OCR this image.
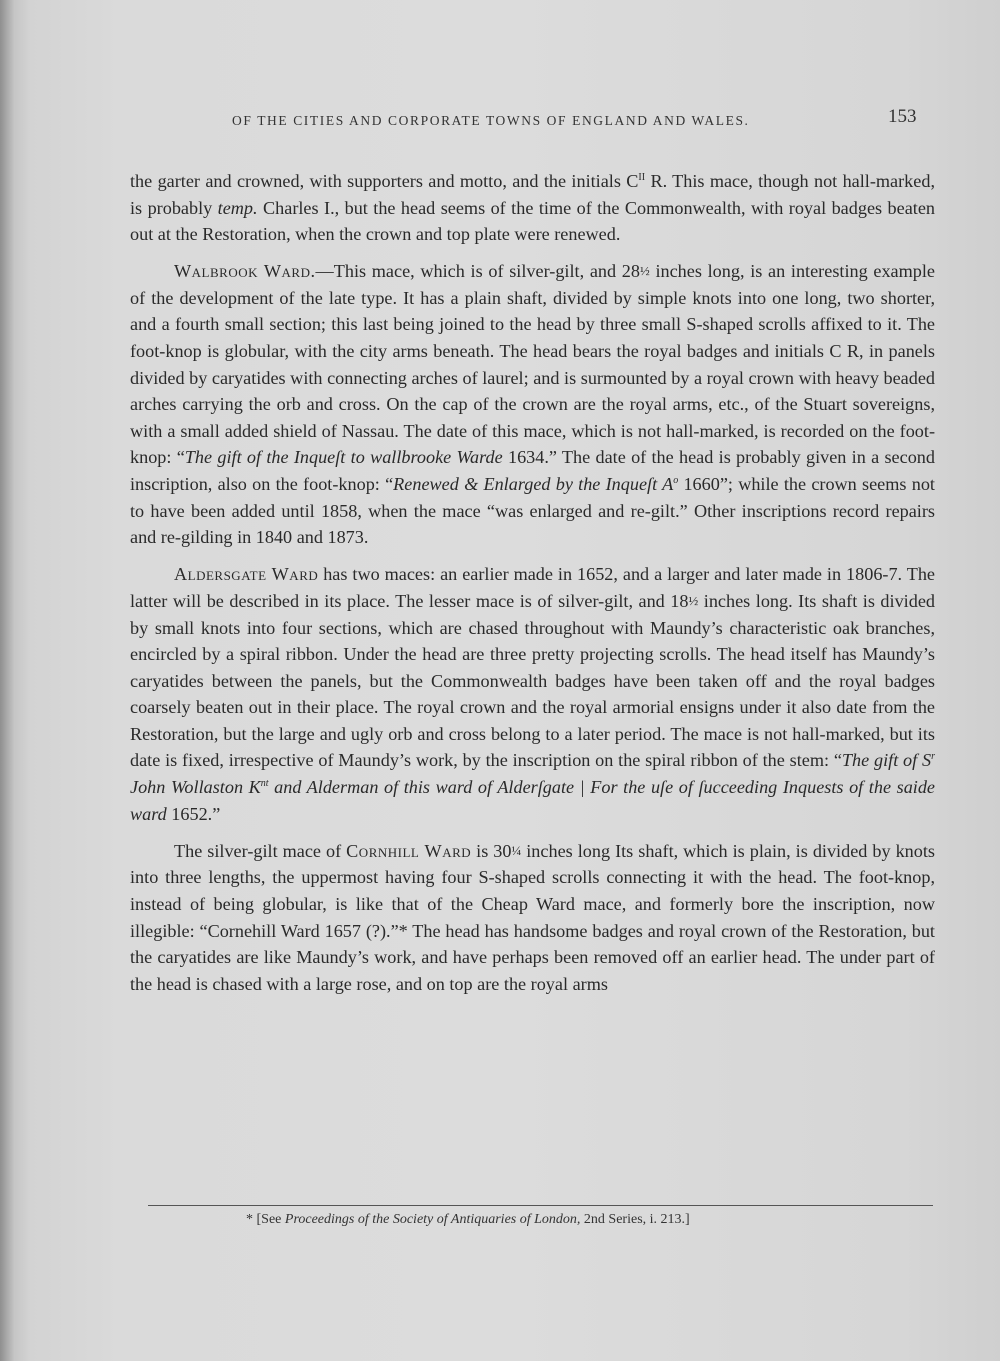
OF THE CITIES AND CORPORATE TOWNS OF ENGLAND AND WALES.	153

the garter and crowned, with supporters and motto, and the initials $C^{II}$ R. This mace, though not hall-marked, is probably temp. Charles I., but the head seems of the time of the Commonwealth, with royal badges beaten out at the Restoration, when the crown and top plate were renewed.

Walbrook Ward.—This mace, which is of silver-gilt, and 28½ inches long, is an interesting example of the development of the late type. It has a plain shaft, divided by simple knots into one long, two shorter, and a fourth small section; this last being joined to the head by three small S-shaped scrolls affixed to it. The foot-knop is globular, with the city arms beneath. The head bears the royal badges and initials C R, in panels divided by caryatides with connecting arches of laurel; and is surmounted by a royal crown with heavy beaded arches carrying the orb and cross. On the cap of the crown are the royal arms, etc., of the Stuart sovereigns, with a small added shield of Nassau. The date of this mace, which is not hall-marked, is recorded on the foot-knop: “The gift of the Inqueſt to wallbrooke Warde 1634.” The date of the head is probably given in a second inscription, also on the foot-knop: “Renewed & Enlarged by the Inqueſt $A^o$ 1660”; while the crown seems not to have been added until 1858, when the mace “was enlarged and re-gilt.” Other inscriptions record repairs and re-gilding in 1840 and 1873.

Aldersgate Ward has two maces: an earlier made in 1652, and a larger and later made in 1806-7. The latter will be described in its place. The lesser mace is of silver-gilt, and 18½ inches long. Its shaft is divided by small knots into four sections, which are chased throughout with Maundy’s characteristic oak branches, encircled by a spiral ribbon. Under the head are three pretty projecting scrolls. The head itself has Maundy’s caryatides between the panels, but the Commonwealth badges have been taken off and the royal badges coarsely beaten out in their place. The royal crown and the royal armorial ensigns under it also date from the Restoration, but the large and ugly orb and cross belong to a later period. The mace is not hall-marked, but its date is fixed, irrespective of Maundy’s work, by the inscription on the spiral ribbon of the stem: “The gift of $S^r$ John Wollaston $K^{nt}$ and Alderman of this ward of Alderſgate | For the uſe of ſucceeding Inquests of the saide ward 1652.”

The silver-gilt mace of Cornhill Ward is 30¼ inches long Its shaft, which is plain, is divided by knots into three lengths, the uppermost having four S-shaped scrolls connecting it with the head. The foot-knop, instead of being globular, is like that of the Cheap Ward mace, and formerly bore the inscription, now illegible: “Cornehill Ward 1657 (?).”* The head has handsome badges and royal crown of the Restoration, but the caryatides are like Maundy’s work, and have perhaps been removed off an earlier head. The under part of the head is chased with a large rose, and on top are the royal arms

* [See Proceedings of the Society of Antiquaries of London, 2nd Series, i. 213.]
